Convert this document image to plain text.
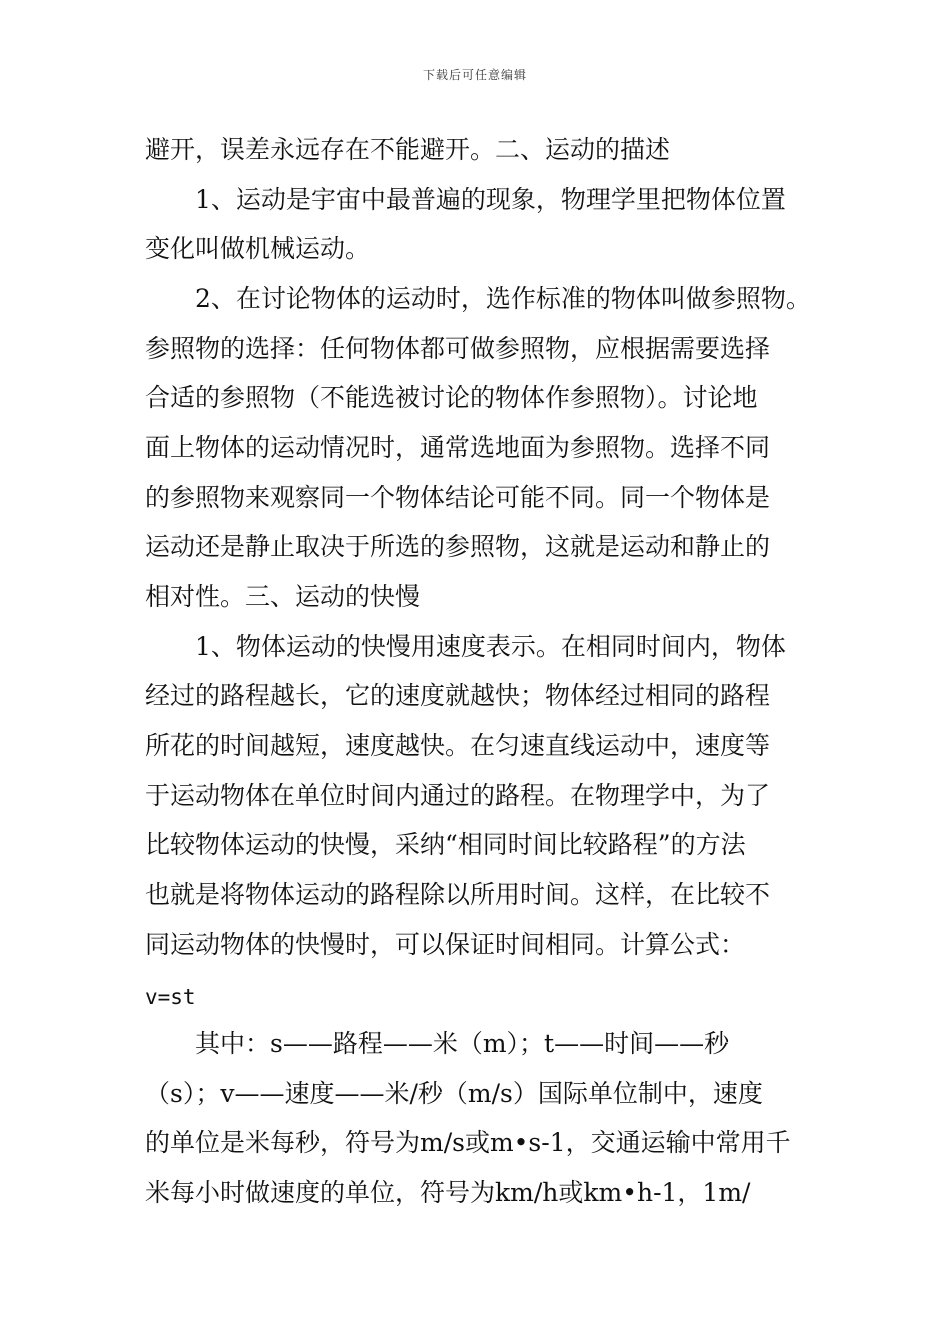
下载后可任意编辑
避开，误差永远存在不能避开。二、运动的描述
1、运动是宇宙中最普遍的现象，物理学里把物体位置
变化叫做机械运动。
2、在讨论物体的运动时，选作标准的物体叫做参照物。
参照物的选择：任何物体都可做参照物，应根据需要选择
合适的参照物（不能选被讨论的物体作参照物）。讨论地
面上物体的运动情况时，通常选地面为参照物。选择不同
的参照物来观察同一个物体结论可能不同。同一个物体是
运动还是静止取决于所选的参照物，这就是运动和静止的
相对性。三、运动的快慢
1、物体运动的快慢用速度表示。在相同时间内，物体
经过的路程越长，它的速度就越快；物体经过相同的路程
所花的时间越短，速度越快。在匀速直线运动中，速度等
于运动物体在单位时间内通过的路程。在物理学中，为了
比较物体运动的快慢，采纳“相同时间比较路程”的方法
也就是将物体运动的路程除以所用时间。这样，在比较不
同运动物体的快慢时，可以保证时间相同。计算公式：
v=st
其中：s——路程——米（m）；t——时间——秒
（s）；v——速度——米/秒（m/s）国际单位制中，速度
的单位是米每秒，符号为m/s或m•s-1，交通运输中常用千
米每小时做速度的单位，符号为km/h或km•h-1，1m/
